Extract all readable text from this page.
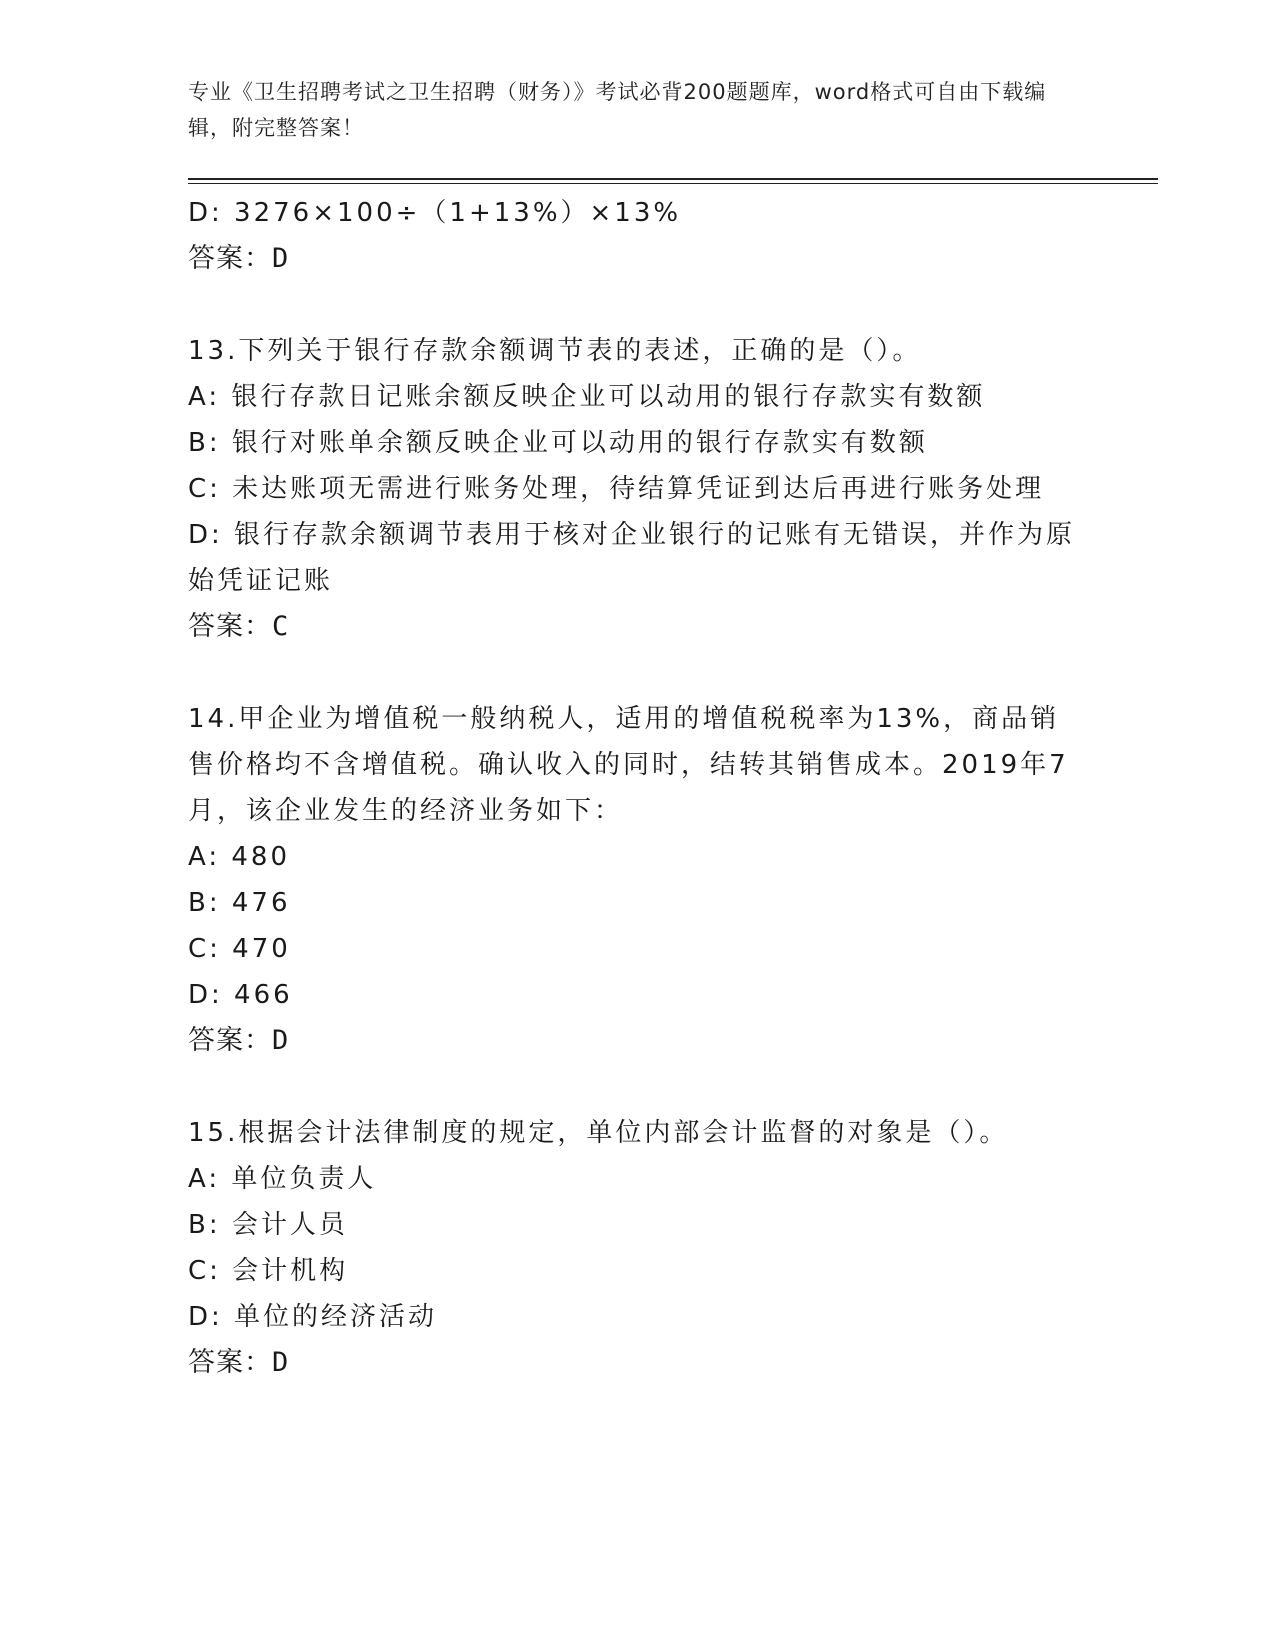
专业《卫生招聘考试之卫生招聘（财务）》考试必背200题题库，word格式可自由下载编辑，附完整答案！
D: 3276×100÷（1+13%）×13%
答案：D
13.下列关于银行存款余额调节表的表述，正确的是（）。
A: 银行存款日记账余额反映企业可以动用的银行存款实有数额
B: 银行对账单余额反映企业可以动用的银行存款实有数额
C: 未达账项无需进行账务处理，待结算凭证到达后再进行账务处理
D: 银行存款余额调节表用于核对企业银行的记账有无错误，并作为原始凭证记账
答案：C
14.甲企业为增值税一般纳税人，适用的增值税税率为13%，商品销售价格均不含增值税。确认收入的同时，结转其销售成本。2019年7月，该企业发生的经济业务如下：
A: 480
B: 476
C: 470
D: 466
答案：D
15.根据会计法律制度的规定，单位内部会计监督的对象是（）。
A: 单位负责人
B: 会计人员
C: 会计机构
D: 单位的经济活动
答案：D
